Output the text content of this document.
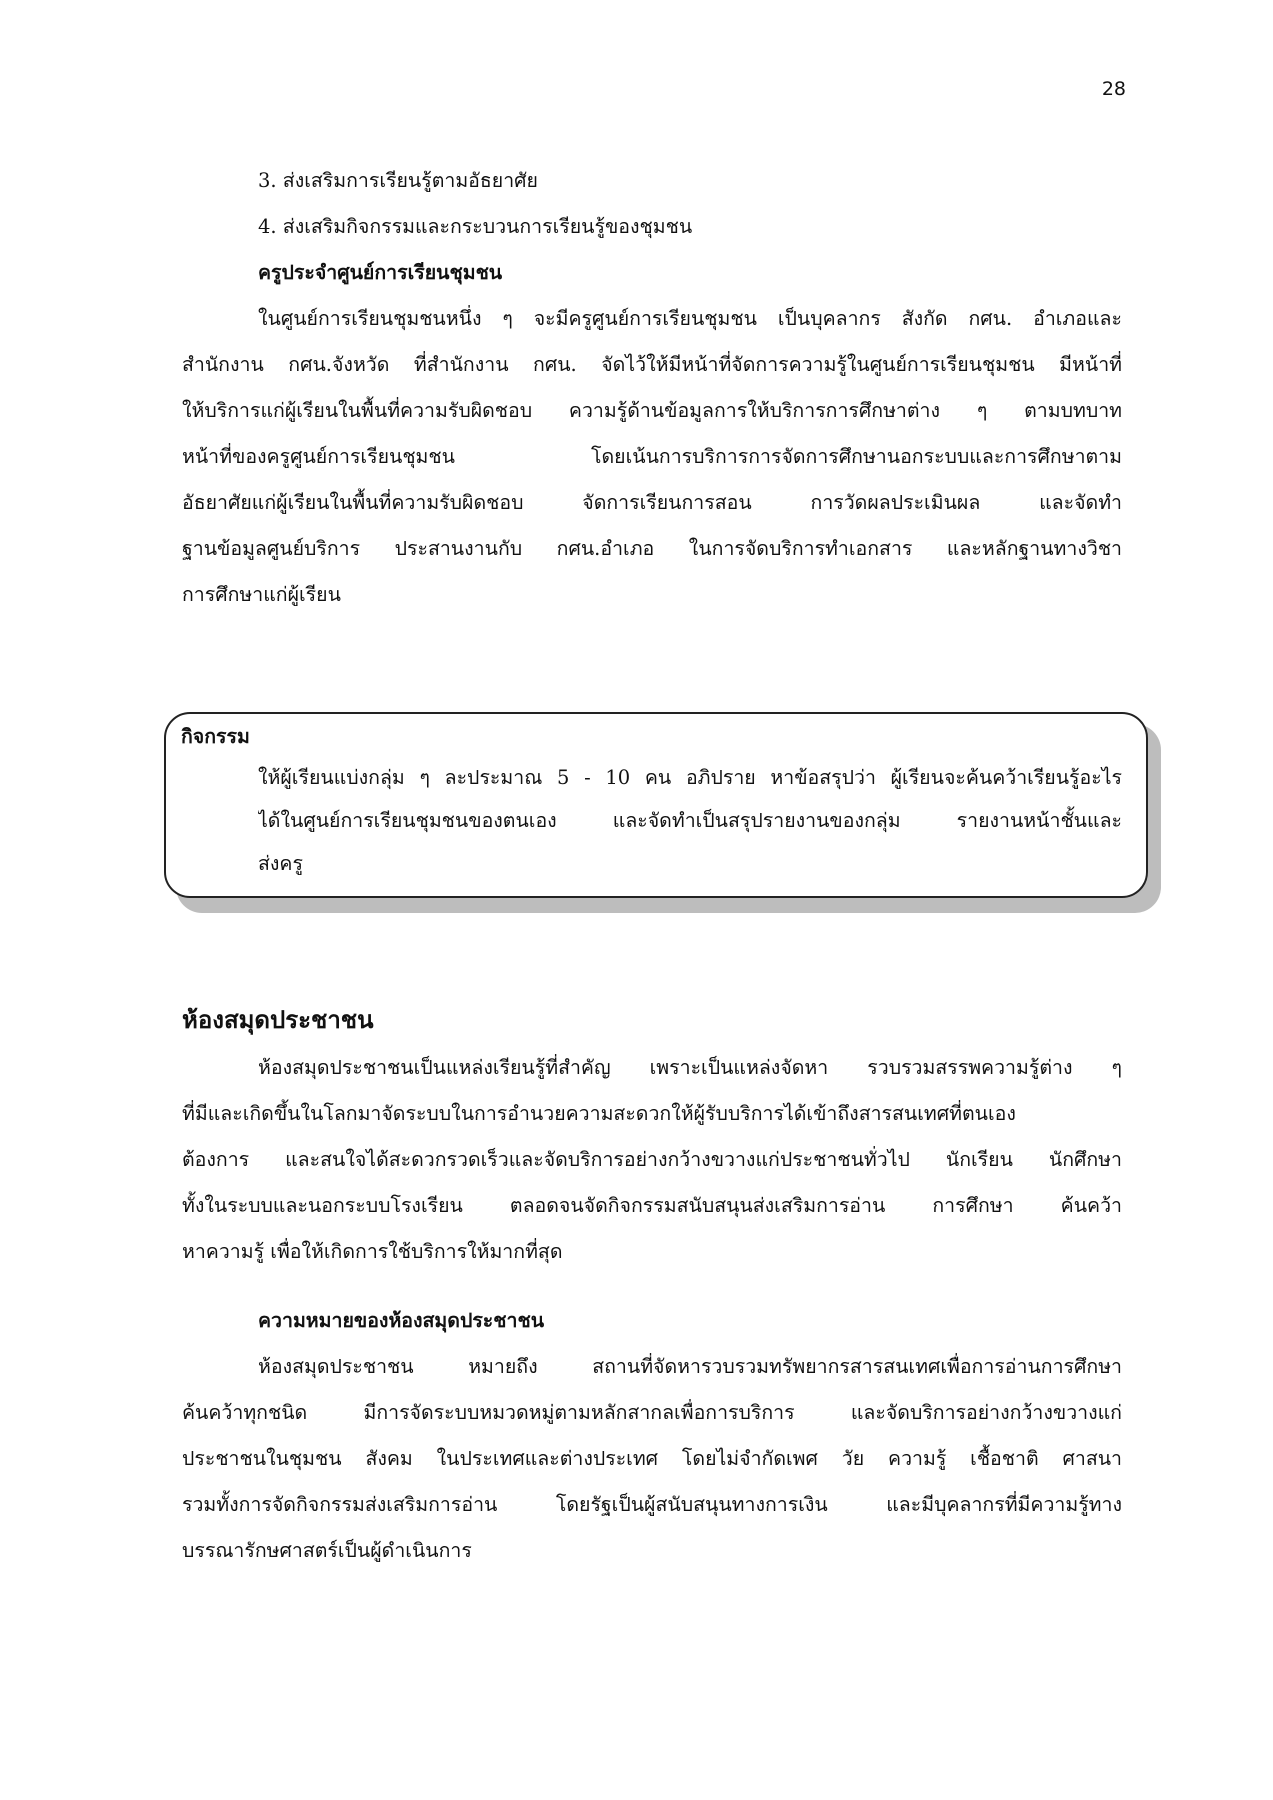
28
3. ส่งเสริมการเรียนรู้ตามอัธยาศัย
4. ส่งเสริมกิจกรรมและกระบวนการเรียนรู้ของชุมชน
ครูประจำศูนย์การเรียนชุมชน
ในศูนย์การเรียนชุมชนหนึ่ง ๆ จะมีครูศูนย์การเรียนชุมชน เป็นบุคลากร สังกัด กศน. อำเภอและ
สำนักงาน กศน.จังหวัด ที่สำนักงาน กศน. จัดไว้ให้มีหน้าที่จัดการความรู้ในศูนย์การเรียนชุมชน มีหน้าที่
ให้บริการแก่ผู้เรียนในพื้นที่ความรับผิดชอบ ความรู้ด้านข้อมูลการให้บริการการศึกษาต่าง ๆ ตามบทบาท
หน้าที่ของครูศูนย์การเรียนชุมชน โดยเน้นการบริการการจัดการศึกษานอกระบบและการศึกษาตาม
อัธยาศัยแก่ผู้เรียนในพื้นที่ความรับผิดชอบ จัดการเรียนการสอน การวัดผลประเมินผล และจัดทำ
ฐานข้อมูลศูนย์บริการ ประสานงานกับ กศน.อำเภอ ในการจัดบริการทำเอกสาร และหลักฐานทางวิชา
การศึกษาแก่ผู้เรียน
กิจกรรม
ให้ผู้เรียนแบ่งกลุ่ม ๆ ละประมาณ 5 - 10 คน อภิปราย หาข้อสรุปว่า ผู้เรียนจะค้นคว้าเรียนรู้อะไร
ได้ในศูนย์การเรียนชุมชนของตนเอง และจัดทำเป็นสรุปรายงานของกลุ่ม รายงานหน้าชั้นและ
ส่งครู
ห้องสมุดประชาชน
ห้องสมุดประชาชนเป็นแหล่งเรียนรู้ที่สำคัญ เพราะเป็นแหล่งจัดหา รวบรวมสรรพความรู้ต่าง ๆ
ที่มีและเกิดขึ้นในโลกมาจัดระบบในการอำนวยความสะดวกให้ผู้รับบริการได้เข้าถึงสารสนเทศที่ตนเอง
ต้องการ และสนใจได้สะดวกรวดเร็วและจัดบริการอย่างกว้างขวางแก่ประชาชนทั่วไป นักเรียน นักศึกษา
ทั้งในระบบและนอกระบบโรงเรียน ตลอดจนจัดกิจกรรมสนับสนุนส่งเสริมการอ่าน การศึกษา ค้นคว้า
หาความรู้ เพื่อให้เกิดการใช้บริการให้มากที่สุด
ความหมายของห้องสมุดประชาชน
ห้องสมุดประชาชน หมายถึง สถานที่จัดหารวบรวมทรัพยากรสารสนเทศเพื่อการอ่านการศึกษา
ค้นคว้าทุกชนิด มีการจัดระบบหมวดหมู่ตามหลักสากลเพื่อการบริการ และจัดบริการอย่างกว้างขวางแก่
ประชาชนในชุมชน สังคม ในประเทศและต่างประเทศ โดยไม่จำกัดเพศ วัย ความรู้ เชื้อชาติ ศาสนา
รวมทั้งการจัดกิจกรรมส่งเสริมการอ่าน โดยรัฐเป็นผู้สนับสนุนทางการเงิน และมีบุคลากรที่มีความรู้ทาง
บรรณารักษศาสตร์เป็นผู้ดำเนินการ
